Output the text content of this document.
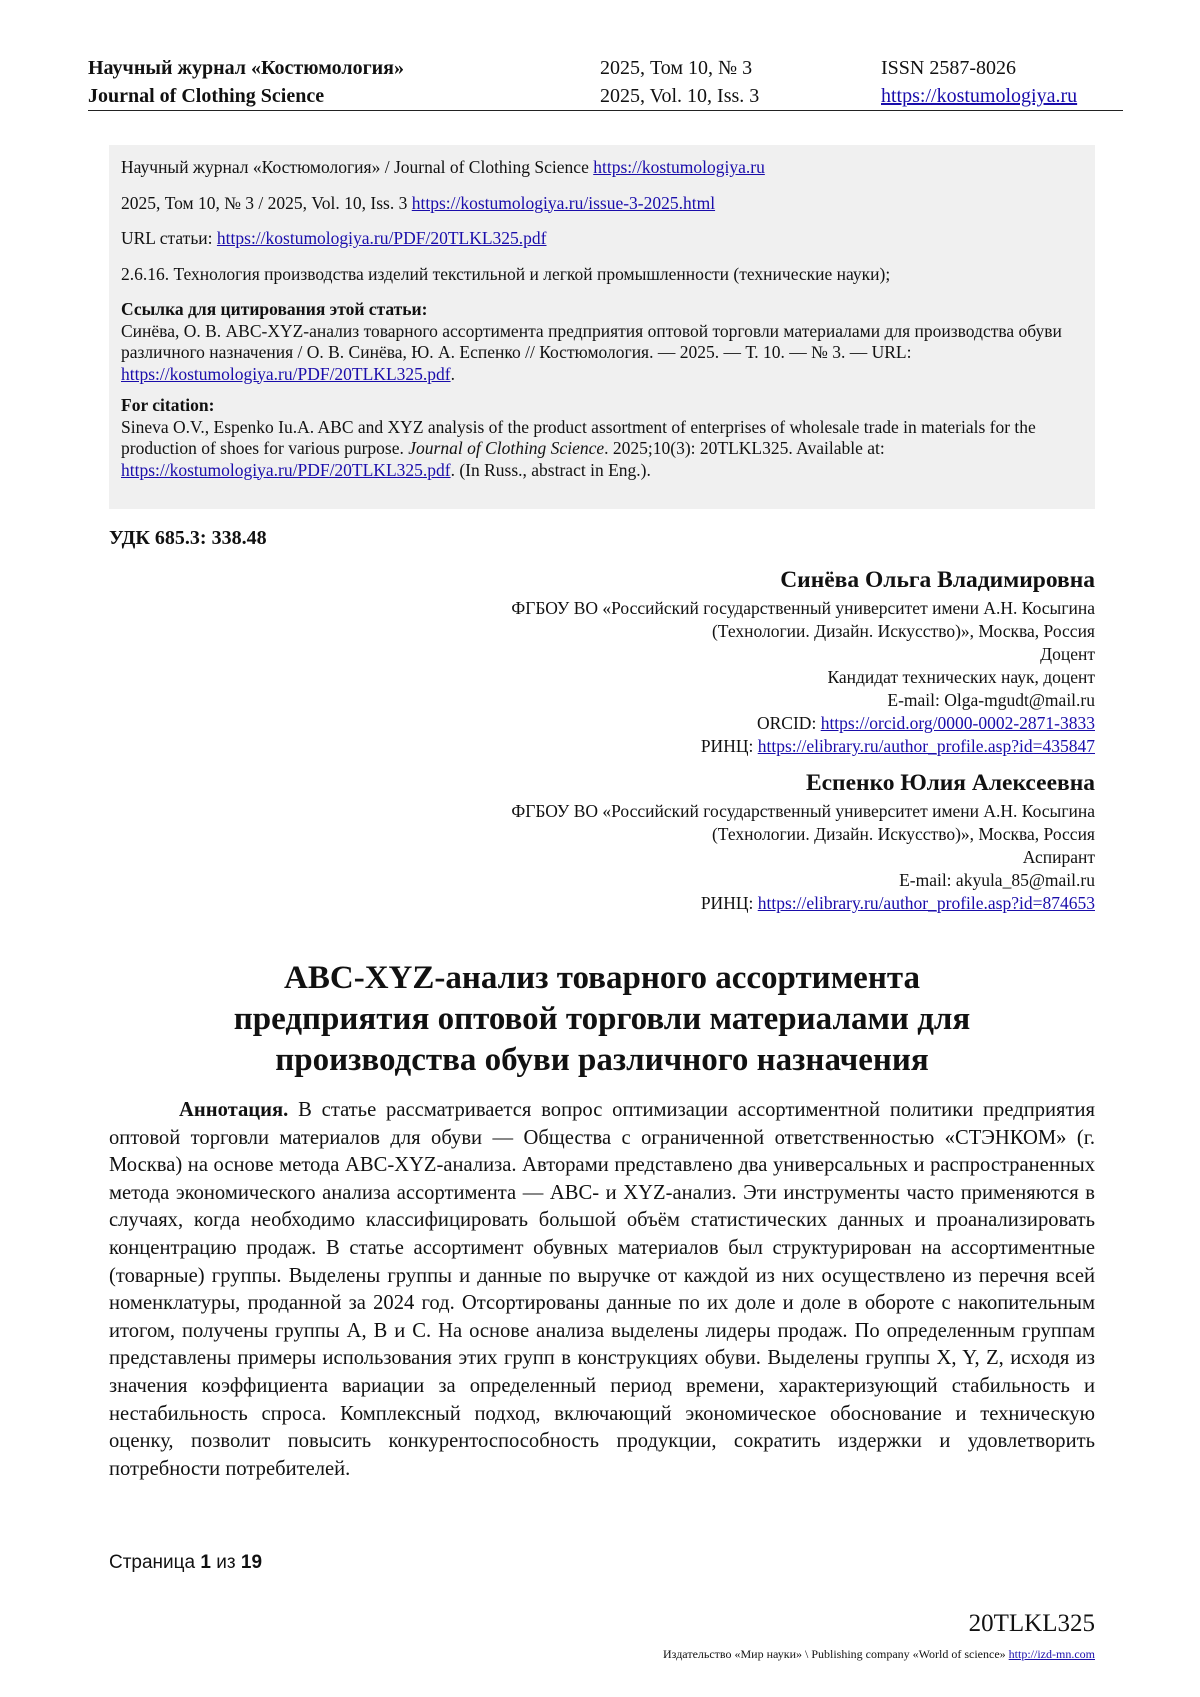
Научный журнал «Костюмология»
Journal of Clothing Science
2025, Том 10, № 3
2025, Vol. 10, Iss. 3
ISSN 2587-8026
https://kostumologiya.ru

Научный журнал «Костюмология» / Journal of Clothing Science https://kostumologiya.ru

2025, Том 10, № 3 / 2025, Vol. 10, Iss. 3 https://kostumologiya.ru/issue-3-2025.html

URL статьи: https://kostumologiya.ru/PDF/20TLKL325.pdf

2.6.16. Технология производства изделий текстильной и легкой промышленности (технические науки);

Ссылка для цитирования этой статьи:
Синёва, О. В. ABC-XYZ-анализ товарного ассортимента предприятия оптовой торговли материалами для производства обуви различного назначения / О. В. Синёва, Ю. А. Еспенко // Костюмология. — 2025. — Т. 10. — № 3. — URL: https://kostumologiya.ru/PDF/20TLKL325.pdf.
For citation:
Sineva O.V., Espenko Iu.A. ABC and XYZ analysis of the product assortment of enterprises of wholesale trade in materials for the production of shoes for various purpose. Journal of Clothing Science. 2025;10(3): 20TLKL325. Available at: https://kostumologiya.ru/PDF/20TLKL325.pdf. (In Russ., abstract in Eng.).
УДК 685.3: 338.48
Синёва Ольга Владимировна
ФГБОУ ВО «Российский государственный университет имени А.Н. Косыгина
(Технологии. Дизайн. Искусство)», Москва, Россия
Доцент
Кандидат технических наук, доцент
E-mail: Olga-mgudt@mail.ru
ORCID: https://orcid.org/0000-0002-2871-3833
РИНЦ: https://elibrary.ru/author_profile.asp?id=435847
Еспенко Юлия Алексеевна
ФГБОУ ВО «Российский государственный университет имени А.Н. Косыгина
(Технологии. Дизайн. Искусство)», Москва, Россия
Аспирант
E-mail: akyula_85@mail.ru
РИНЦ: https://elibrary.ru/author_profile.asp?id=874653
ABC-XYZ-анализ товарного ассортимента
предприятия оптовой торговли материалами для
производства обуви различного назначения

Аннотация. В статье рассматривается вопрос оптимизации ассортиментной политики предприятия оптовой торговли материалов для обуви — Общества с ограниченной ответственностью «СТЭНКОМ» (г. Москва) на основе метода ABC-XYZ-анализа. Авторами представлено два универсальных и распространенных метода экономического анализа ассортимента — ABC- и XYZ-анализ. Эти инструменты часто применяются в случаях, когда необходимо классифицировать большой объём статистических данных и проанализировать концентрацию продаж. В статье ассортимент обувных материалов был структурирован на ассортиментные (товарные) группы. Выделены группы и данные по выручке от каждой из них осуществлено из перечня всей номенклатуры, проданной за 2024 год. Отсортированы данные по их доле и доле в обороте с накопительным итогом, получены группы A, B и C. На основе анализа выделены лидеры продаж. По определенным группам представлены примеры использования этих групп в конструкциях обуви. Выделены группы X, Y, Z, исходя из значения коэффициента вариации за определенный период времени, характеризующий стабильность и нестабильность спроса. Комплексный подход, включающий экономическое обоснование и техническую оценку, позволит повысить конкурентоспособность продукции, сократить издержки и удовлетворить потребности потребителей.

Страница 1 из 19
20TLKL325
Издательство «Мир науки» \ Publishing company «World of science» http://izd-mn.com
